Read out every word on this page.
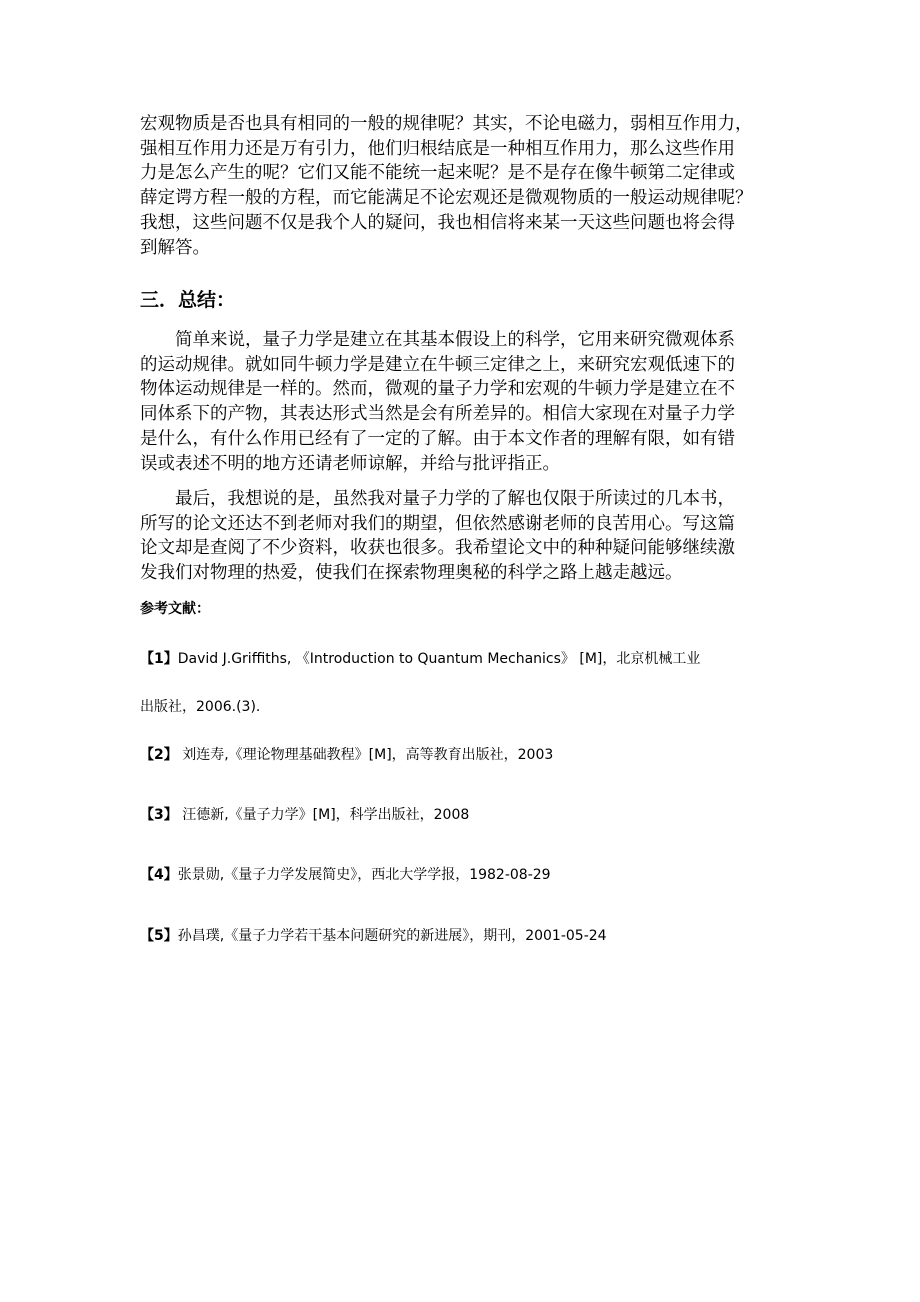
宏观物质是否也具有相同的一般的规律呢？其实，不论电磁力，弱相互作用力，
强相互作用力还是万有引力，他们归根结底是一种相互作用力，那么这些作用
力是怎么产生的呢？它们又能不能统一起来呢？是不是存在像牛顿第二定律或
薛定谔方程一般的方程，而它能满足不论宏观还是微观物质的一般运动规律呢？
我想，这些问题不仅是我个人的疑问，我也相信将来某一天这些问题也将会得
到解答。
三．总结：
简单来说，量子力学是建立在其基本假设上的科学，它用来研究微观体系
的运动规律。就如同牛顿力学是建立在牛顿三定律之上，来研究宏观低速下的
物体运动规律是一样的。然而，微观的量子力学和宏观的牛顿力学是建立在不
同体系下的产物，其表达形式当然是会有所差异的。相信大家现在对量子力学
是什么，有什么作用已经有了一定的了解。由于本文作者的理解有限，如有错
误或表述不明的地方还请老师谅解，并给与批评指正。
最后，我想说的是，虽然我对量子力学的了解也仅限于所读过的几本书，
所写的论文还达不到老师对我们的期望，但依然感谢老师的良苦用心。写这篇
论文却是查阅了不少资料，收获也很多。我希望论文中的种种疑问能够继续激
发我们对物理的热爱，使我们在探索物理奥秘的科学之路上越走越远。
参考文献：
【1】David J.Griffiths, 《Introduction to Quantum Mechanics》 [M]，北京机械工业
出版社，2006.(3).
【2】 刘连寿,《理论物理基础教程》[M]，高等教育出版社，2003
【3】 汪德新,《量子力学》[M]，科学出版社，2008
【4】张景勋,《量子力学发展简史》，西北大学学报，1982-08-29
【5】孙昌璞,《量子力学若干基本问题研究的新进展》，期刊，2001-05-24
